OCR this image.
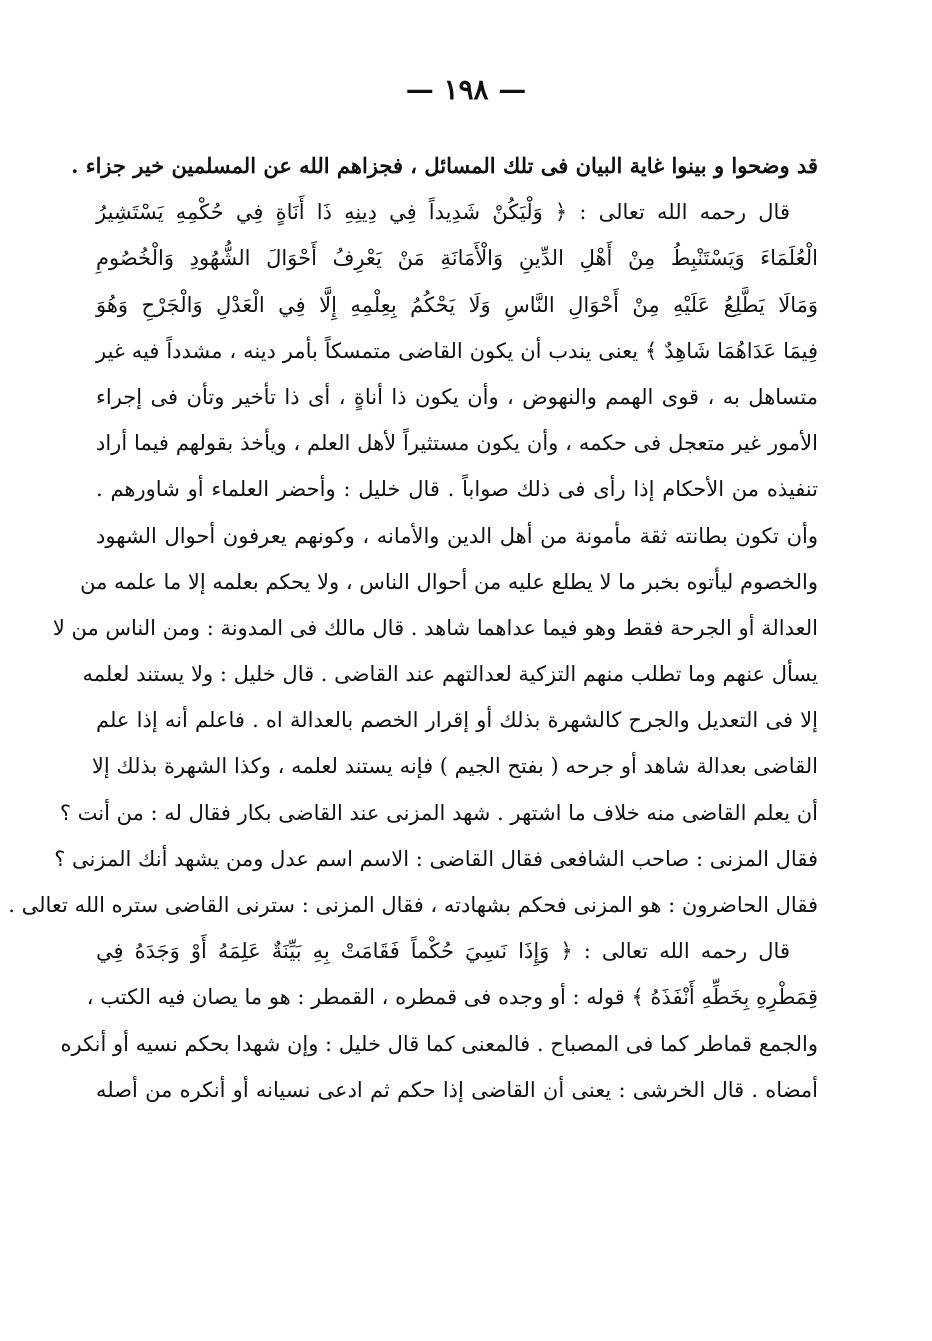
— ١٩٨ —
قد وضحوا و بينوا غاية البيان فى تلك المسائل ، فجزاهم الله عن المسلمين خير جزاء .
قال رحمه الله تعالى : ﴿ وَلْيَكُنْ شَدِيداً فِي دِينِهِ ذَا أَنَاةٍ فِي حُكْمِهِ يَسْتَشِيرُ
الْعُلَمَاءَ وَيَسْتَنْبِطُ مِنْ أَهْلِ الدِّينِ وَالْأَمَانَةِ مَنْ يَعْرِفُ أَحْوَالَ الشُّهُودِ وَالْخُصُومِ
وَمَالَا يَطَّلِعُ عَلَيْهِ مِنْ أَحْوَالِ النَّاسِ وَلَا يَحْكُمُ بِعِلْمِهِ إِلَّا فِي الْعَدْلِ وَالْجَرْحِ وَهُوَ
فِيمَا عَدَاهُمَا شَاهِدٌ ﴾ يعنى يندب أن يكون القاضى متمسكاً بأمر دينه ، مشدداً فيه غير
متساهل به ، قوى الهمم والنهوض ، وأن يكون ذا أناةٍ ، أى ذا تأخير وتأن فى إجراء
الأمور غير متعجل فى حكمه ، وأن يكون مستثيراً لأهل العلم ، ويأخذ بقولهم فيما أراد
تنفيذه من الأحكام إذا رأى فى ذلك صواباً . قال خليل : وأحضر العلماء أو شاورهم .
وأن تكون بطانته ثقة مأمونة من أهل الدين والأمانه ، وكونهم يعرفون أحوال الشهود
والخصوم ليأتوه بخبر ما لا يطلع عليه من أحوال الناس ، ولا يحكم بعلمه إلا ما علمه من
العدالة أو الجرحة فقط وهو فيما عداهما شاهد . قال مالك فى المدونة : ومن الناس من لا
يسأل عنهم وما تطلب منهم التزكية لعدالتهم عند القاضى . قال خليل : ولا يستند لعلمه
إلا فى التعديل والجرح كالشهرة بذلك أو إقرار الخصم بالعدالة اه . فاعلم أنه إذا علم
القاضى بعدالة شاهد أو جرحه ( بفتح الجيم ) فإنه يستند لعلمه ، وكذا الشهرة بذلك إلا
أن يعلم القاضى منه خلاف ما اشتهر . شهد المزنى عند القاضى بكار فقال له : من أنت ؟
فقال المزنى : صاحب الشافعى فقال القاضى : الاسم اسم عدل ومن يشهد أنك المزنى ؟
فقال الحاضرون : هو المزنى فحكم بشهادته ، فقال المزنى : سترنى القاضى ستره الله تعالى .
قال رحمه الله تعالى : ﴿ وَإِذَا نَسِيَ حُكْماً فَقَامَتْ بِهِ بَيِّنَةٌ عَلِمَهُ أَوْ وَجَدَهُ فِي
قِمَطْرِهِ بِخَطِّهِ أَنْفَذَهُ ﴾ قوله : أو وجده فى قمطره ، القمطر : هو ما يصان فيه الكتب ،
والجمع قماطر كما فى المصباح . فالمعنى كما قال خليل : وإن شهدا بحكم نسيه أو أنكره
أمضاه . قال الخرشى : يعنى أن القاضى إذا حكم ثم ادعى نسيانه أو أنكره من أصله
